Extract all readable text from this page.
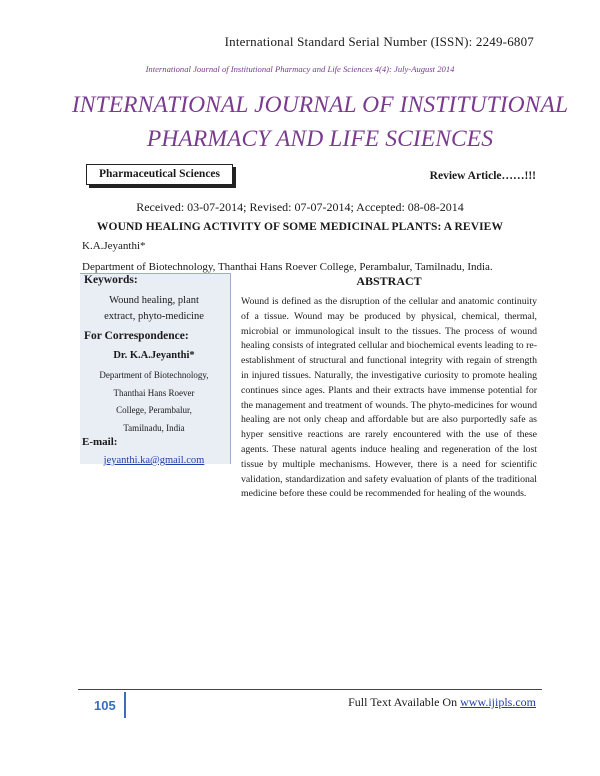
International Standard Serial Number (ISSN): 2249-6807
International Journal of Institutional Pharmacy and Life Sciences 4(4): July-August 2014
INTERNATIONAL JOURNAL OF INSTITUTIONAL
PHARMACY AND LIFE SCIENCES
Pharmaceutical Sciences	Review Article……!!!
Received: 03-07-2014; Revised: 07-07-2014; Accepted: 08-08-2014
WOUND HEALING ACTIVITY OF SOME MEDICINAL PLANTS: A REVIEW
K.A.Jeyanthi*
Department of Biotechnology, Thanthai Hans Roever College, Perambalur, Tamilnadu, India.
Keywords:
Wound healing, plant
extract, phyto-medicine
For Correspondence:
Dr. K.A.Jeyanthi*
Department of Biotechnology,
Thanthai Hans Roever
College, Perambalur,
Tamilnadu, India
E-mail:
jeyanthi.ka@gmail.com
ABSTRACT
Wound is defined as the disruption of the cellular and anatomic continuity of a tissue. Wound may be produced by physical, chemical, thermal, microbial or immunological insult to the tissues. The process of wound healing consists of integrated cellular and biochemical events leading to re-establishment of structural and functional integrity with regain of strength in injured tissues. Naturally, the investigative curiosity to promote healing continues since ages. Plants and their extracts have immense potential for the management and treatment of wounds. The phyto-medicines for wound healing are not only cheap and affordable but are also purportedly safe as hyper sensitive reactions are rarely encountered with the use of these agents. These natural agents induce healing and regeneration of the lost tissue by multiple mechanisms. However, there is a need for scientific validation, standardization and safety evaluation of plants of the traditional medicine before these could be recommended for healing of the wounds.
105	Full Text Available On www.ijipls.com
